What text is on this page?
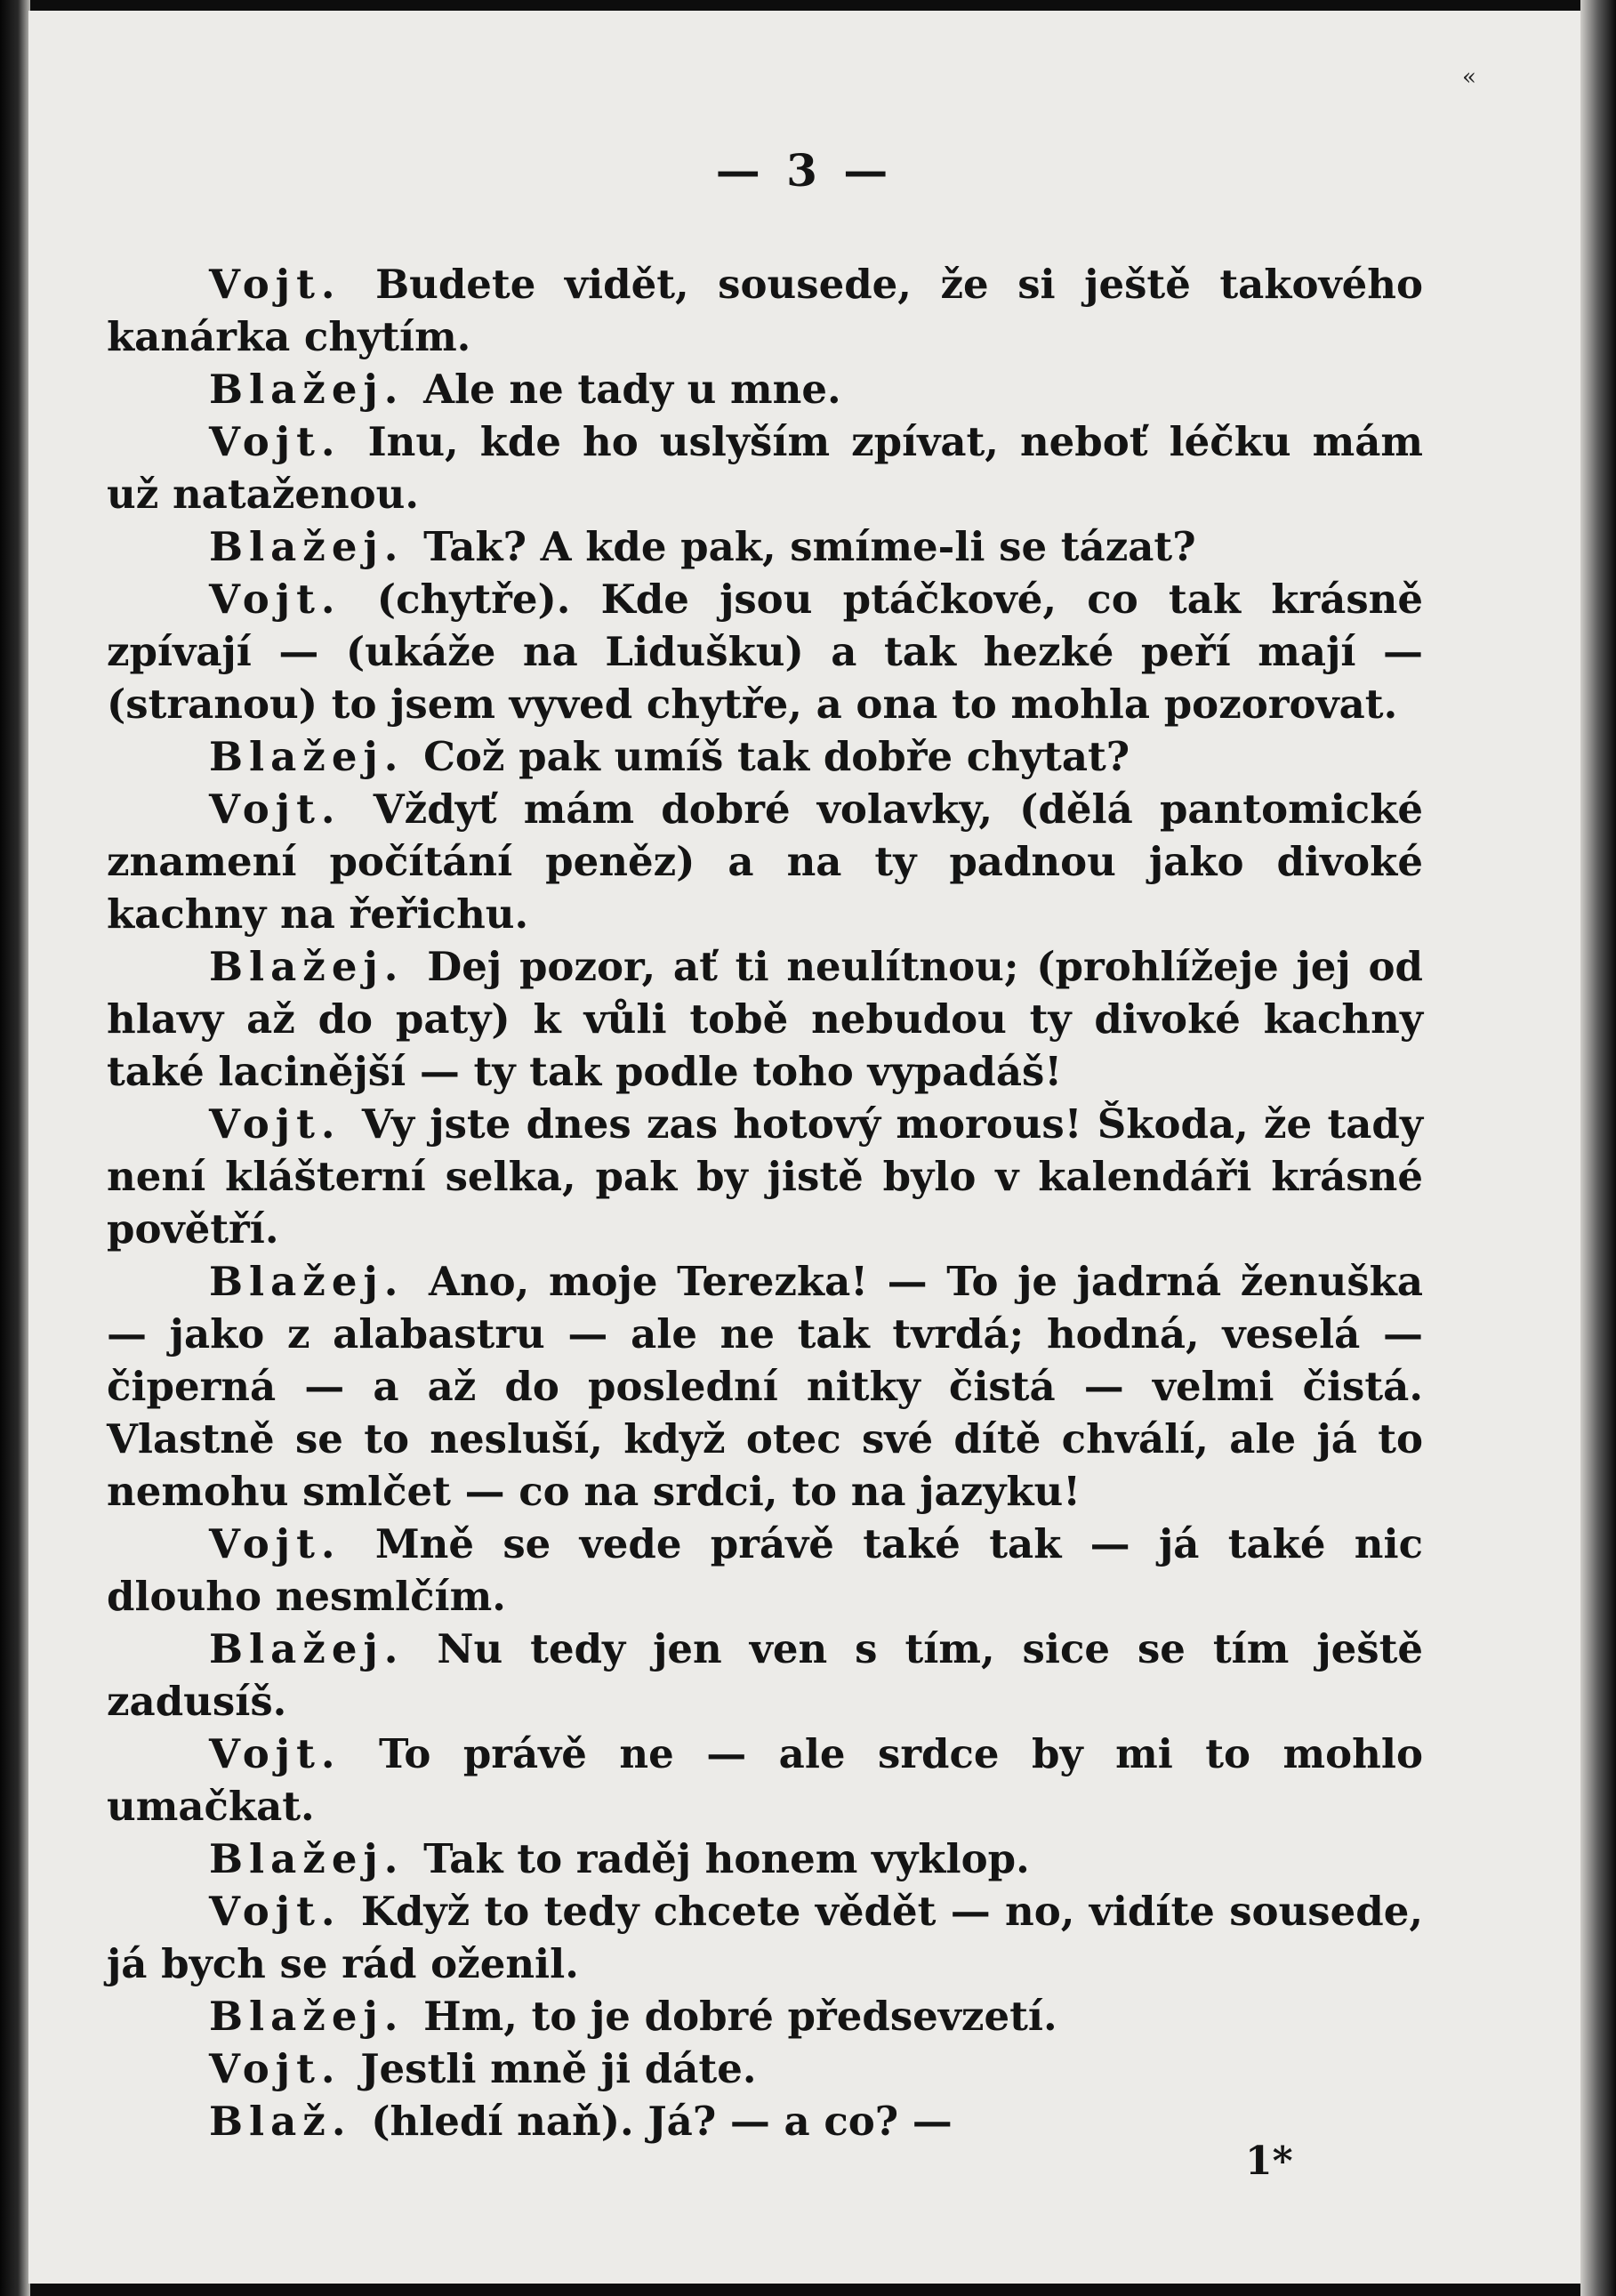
«
— 3 —

Vojt. Budete vidět, sousede, že si ještě takového kanárka chytím.

Blažej. Ale ne tady u mne.

Vojt. Inu, kde ho uslyším zpívat, neboť léčku mám už nataženou.

Blažej. Tak? A kde pak, smíme-li se tázat?

Vojt. (chytře). Kde jsou ptáčkové, co tak krásně zpívají — (ukáže na Lidušku) a tak hezké peří mají — (stranou) to jsem vyved chytře, a ona to mohla pozorovat.

Blažej. Což pak umíš tak dobře chytat?

Vojt. Vždyť mám dobré volavky, (dělá pantomické znamení počítání peněz) a na ty padnou jako divoké kachny na řeřichu.

Blažej. Dej pozor, ať ti neulítnou; (prohlížeje jej od hlavy až do paty) k vůli tobě nebudou ty divoké kachny také lacinější — ty tak podle toho vypadáš!

Vojt. Vy jste dnes zas hotový morous! Škoda, že tady není klášterní selka, pak by jistě bylo v kalendáři krásné povětří.

Blažej. Ano, moje Terezka! — To je jadrná ženuška — jako z alabastru — ale ne tak tvrdá; hodná, veselá — čiperná — a až do poslední nitky čistá — velmi čistá. Vlastně se to nesluší, když otec své dítě chválí, ale já to nemohu smlčet — co na srdci, to na jazyku!

Vojt. Mně se vede právě také tak — já také nic dlouho nesmlčím.

Blažej. Nu tedy jen ven s tím, sice se tím ještě zadusíš.

Vojt. To právě ne — ale srdce by mi to mohlo umačkat.

Blažej. Tak to raděj honem vyklop.

Vojt. Když to tedy chcete vědět — no, vidíte sousede, já bych se rád oženil.

Blažej. Hm, to je dobré předsevzetí.

Vojt. Jestli mně ji dáte.

Blaž. (hledí naň). Já? — a co? —

1*
